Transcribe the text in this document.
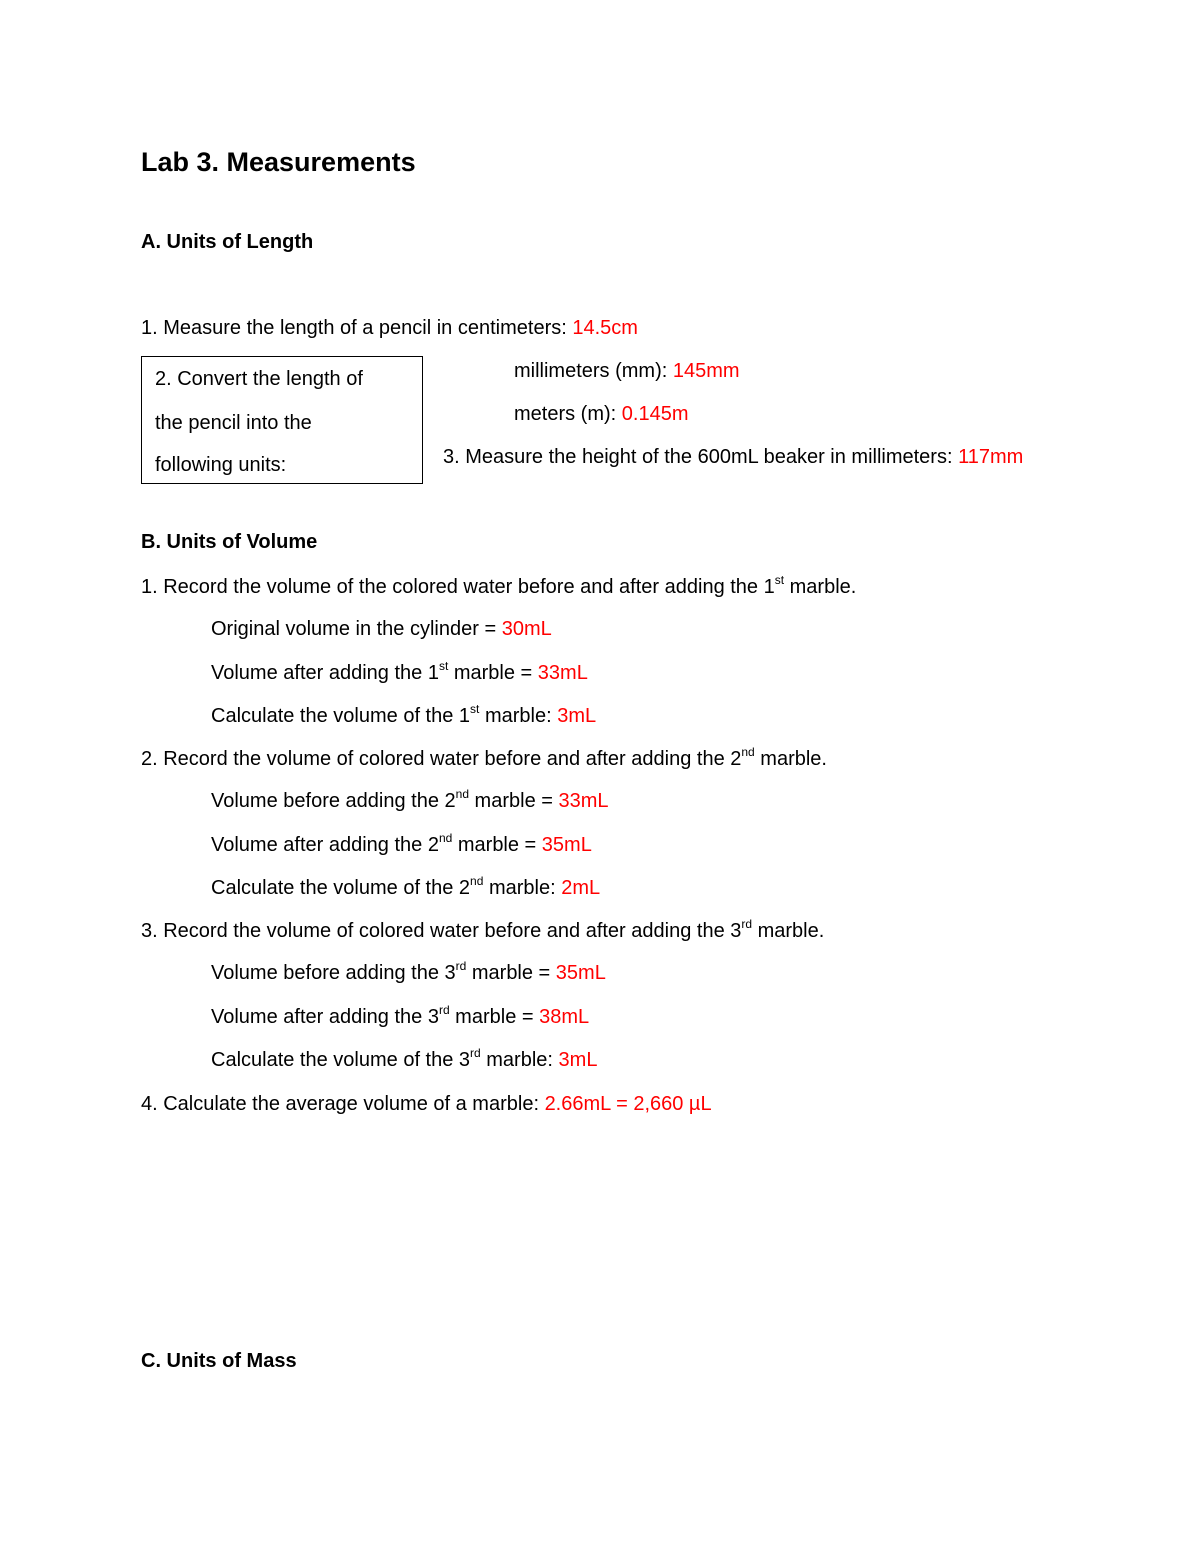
Lab 3. Measurements
A. Units of Length
1. Measure the length of a pencil in centimeters: 14.5cm
2. Convert the length of
the pencil into the
following units:
millimeters (mm): 145mm
meters (m): 0.145m
3. Measure the height of the 600mL beaker in millimeters: 117mm
B. Units of Volume
1. Record the volume of the colored water before and after adding the 1st marble.
Original volume in the cylinder = 30mL
Volume after adding the 1st marble = 33mL
Calculate the volume of the 1st marble: 3mL
2. Record the volume of colored water before and after adding the 2nd marble.
Volume before adding the 2nd marble = 33mL
Volume after adding the 2nd marble = 35mL
Calculate the volume of the 2nd marble: 2mL
3. Record the volume of colored water before and after adding the 3rd marble.
Volume before adding the 3rd marble = 35mL
Volume after adding the 3rd marble = 38mL
Calculate the volume of the 3rd marble: 3mL
4. Calculate the average volume of a marble: 2.66mL = 2,660 µL
C. Units of Mass
